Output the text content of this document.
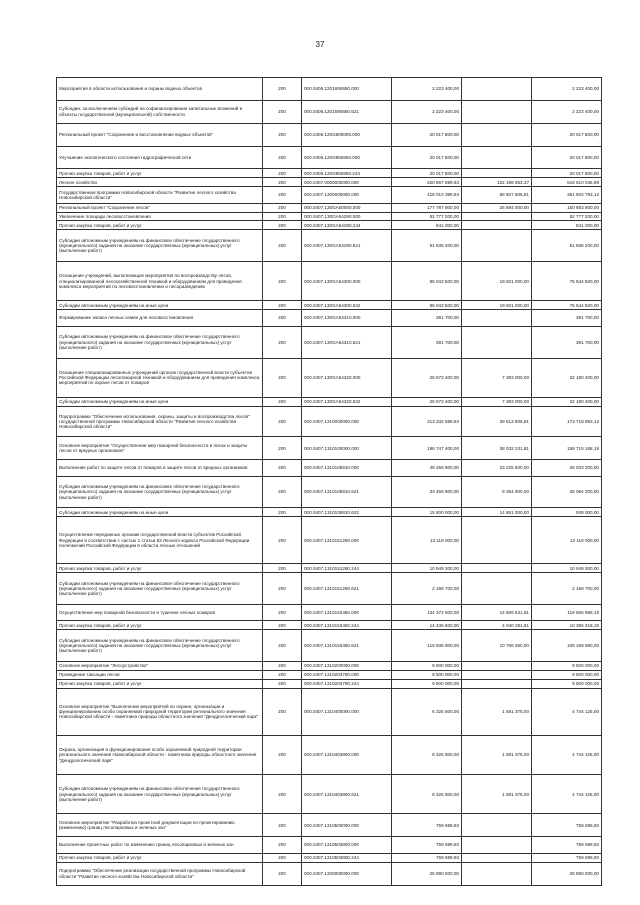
37
Мероприятия в области использования и охраны водных объектов	200	000.0406.1201690650.000	2 223 400,00		2 223 400,00
Субсидии, за исключением субсидий на софинансирование капитальных вложений в объекты государственной (муниципальной) собственности	200	000.0406.1201690650.521	2 223 400,00		2 223 400,00
Региональный проект "Сохранение и восстановление водных объектов"	200	000.0406.120G800000.000	20 017 800,00		20 017 800,00
Улучшение экологического состояния гидрографической сети	200	000.0406.120G850650.000	20 017 800,00		20 017 800,00
Прочая закупка товаров, работ и услуг	200	000.0406.120G850650.244	20 017 800,00		20 017 800,00
Лесное хозяйство	200	000.0407.0000000000.000	620 867 899,93	102 196 853,37	518 610 045,98
Государственная программа Новосибирской области "Развитие лесного хозяйства Новосибирской области"	200	000.0407.1300000000.000	418 010 399,93	66 507 606,81	351 502 793,12
Региональный проект "Сохранение лесов"	200	000.0407.130GA00000.000	177 787 800,00	26 894 000,00	150 893 800,00
Увеличение площади лесовосстановления	200	000.0407.130GA54290.000	52 777 200,00		52 777 200,00
Прочая закупка товаров, работ и услуг	200	000.0407.130GA54290.244	841 000,00		841 000,00
Субсидии автономным учреждениям на финансовое обеспечение государственного (муниципального) задания на оказание государственных (муниципальных) услуг (выполнение работ)	200	000.0407.130GA54290.621	51 936 200,00		51 936 200,00
Оснащение учреждений, выполняющих мероприятия по воспроизводству лесов, специализированной лесохозяйственной техникой и оборудованием для проведения комплекса мероприятий по лесовосстановлению и лесоразведению	200	000.0407.130GA54300.000	95 043 500,00	19 501 000,00	75 544 500,00
Субсидии автономным учреждениям на иные цели	200	000.0407.130GA54300.622	95 043 500,00	19 501 000,00	75 544 500,00
Формирование запаса лесных семян для лесовосстановления	200	000.0407.130GA54310.000	391 700,00		391 700,00
Субсидии автономным учреждениям на финансовое обеспечение государственного (муниципального) задания на оказание государственных (муниципальных) услуг (выполнение работ)	200	000.0407.130GA54310.621	391 700,00		391 700,00
Оснащение специализированных учреждений органов государственной власти субъектов Российской Федерации лесопожарной техникой и оборудованием для проведения комплекса мероприятий по охране лесов от пожаров	200	000.0407.130GA54320.000	29 573 400,00	7 393 000,00	22 180 400,00
Субсидии автономным учреждениям на иные цели	200	000.0407.130GA54320.622	29 573 400,00	7 393 000,00	22 180 400,00
Подпрограмма "Обеспечение использования, охраны, защиты и воспроизводства лесов" государственной программы Новосибирской области "Развитие лесного хозяйства Новосибирской области"	200	000.0407.1310000000.000	213 332 599,93	39 613 606,81	173 718 993,12
Основное мероприятие "Осуществление мер пожарной безопасности в лесах и защиты лесов от вредных организмов"	200	000.0407.1310100000.000	196 747 400,00	38 032 231,81	158 715 168,19
Выполнение работ по защите лесов от пожаров и защите лесов от вредных организмов	200	000.0407.1310108810.000	49 258 900,00	23 225 600,00	26 033 300,00
Субсидии автономным учреждениям на финансовое обеспечение государственного (муниципального) задания на оказание государственных (муниципальных) услуг (выполнение работ)	200	000.0407.1310108810.621	33 458 900,00	8 364 600,00	25 094 300,00
Субсидии автономным учреждениям на иные цели	200	000.0407.1310108810.622	15 800 000,00	14 861 000,00	939 000,00
Осуществление переданных органам государственной власти субъектов Российской Федерации в соответствии с частью 1 статьи 83 Лесного кодекса Российской Федерации полномочий Российской Федерации в области лесных отношений	200	000.0407.1310151290.000	13 118 000,00		13 118 000,00
Прочая закупка товаров, работ и услуг	200	000.0407.1310151290.244	10 949 300,00		10 949 300,00
Субсидии автономным учреждениям на финансовое обеспечение государственного (муниципального) задания на оказание государственных (муниципальных) услуг (выполнение работ)	200	000.0407.1310151290.621	2 168 700,00		2 168 700,00
Осуществление мер пожарной безопасности и тушение лесных пожаров	200	000.0407.1310153450.000	134 372 500,00	14 806 631,81	119 565 868,19
Прочая закупка товаров, работ и услуг	200	000.0407.1310153450.244	14 436 600,00	4 040 281,81	10 396 318,19
Субсидии автономным учреждениям на финансовое обеспечение государственного (муниципального) задания на оказание государственных (муниципальных) услуг (выполнение работ)	200	000.0407.1310153450.621	119 935 900,00	10 766 350,00	109 169 550,00
Основное мероприятие "Лесоустройство"	200	000.0407.1310200000.000	9 500 000,00		9 500 000,00
Проведение таксации лесов	200	000.0407.1310203790.000	9 500 000,00		9 500 000,00
Прочая закупка товаров, работ и услуг	200	000.0407.1310203790.244	9 500 000,00		9 500 000,00
Основное мероприятие "Выполнение мероприятий по охране, организации и функционированию особо охраняемой природной территории регионального значения Новосибирской области - памятника природы областного значения "Дендрологический парк"	200	000.0407.1310400000.000	6 325 500,00	1 581 375,00	4 744 125,00
Охрана, организация и функционирование особо охраняемой природной территории регионального значения Новосибирской области - памятника природы областного значения "Дендрологический парк"	200	000.0407.1310403800.000	6 325 500,00	1 581 375,00	4 744 125,00
Субсидии автономным учреждениям на финансовое обеспечение государственного (муниципального) задания на оказание государственных (муниципальных) услуг (выполнение работ)	200	000.0407.1310403800.621	6 325 500,00	1 581 375,00	4 744 125,00
Основное мероприятие "Разработка проектной документации по проектированию (изменению) границ лесопарковых и зеленых зон"	200	000.0407.1310500000.000	759 699,93		759 699,93
Выполнение проектных работ по изменению границ лесопарковых и зеленых зон	200	000.0407.1310503800.000	759 699,93		759 699,93
Прочая закупка товаров, работ и услуг	200	000.0407.1310503800.244	759 699,93		759 699,93
Подпрограмма "Обеспечение реализации государственной программы Новосибирской области "Развитие лесного хозяйства Новосибирской области"	200	000.0407.1320000000.000	26 890 000,00		26 890 000,00
